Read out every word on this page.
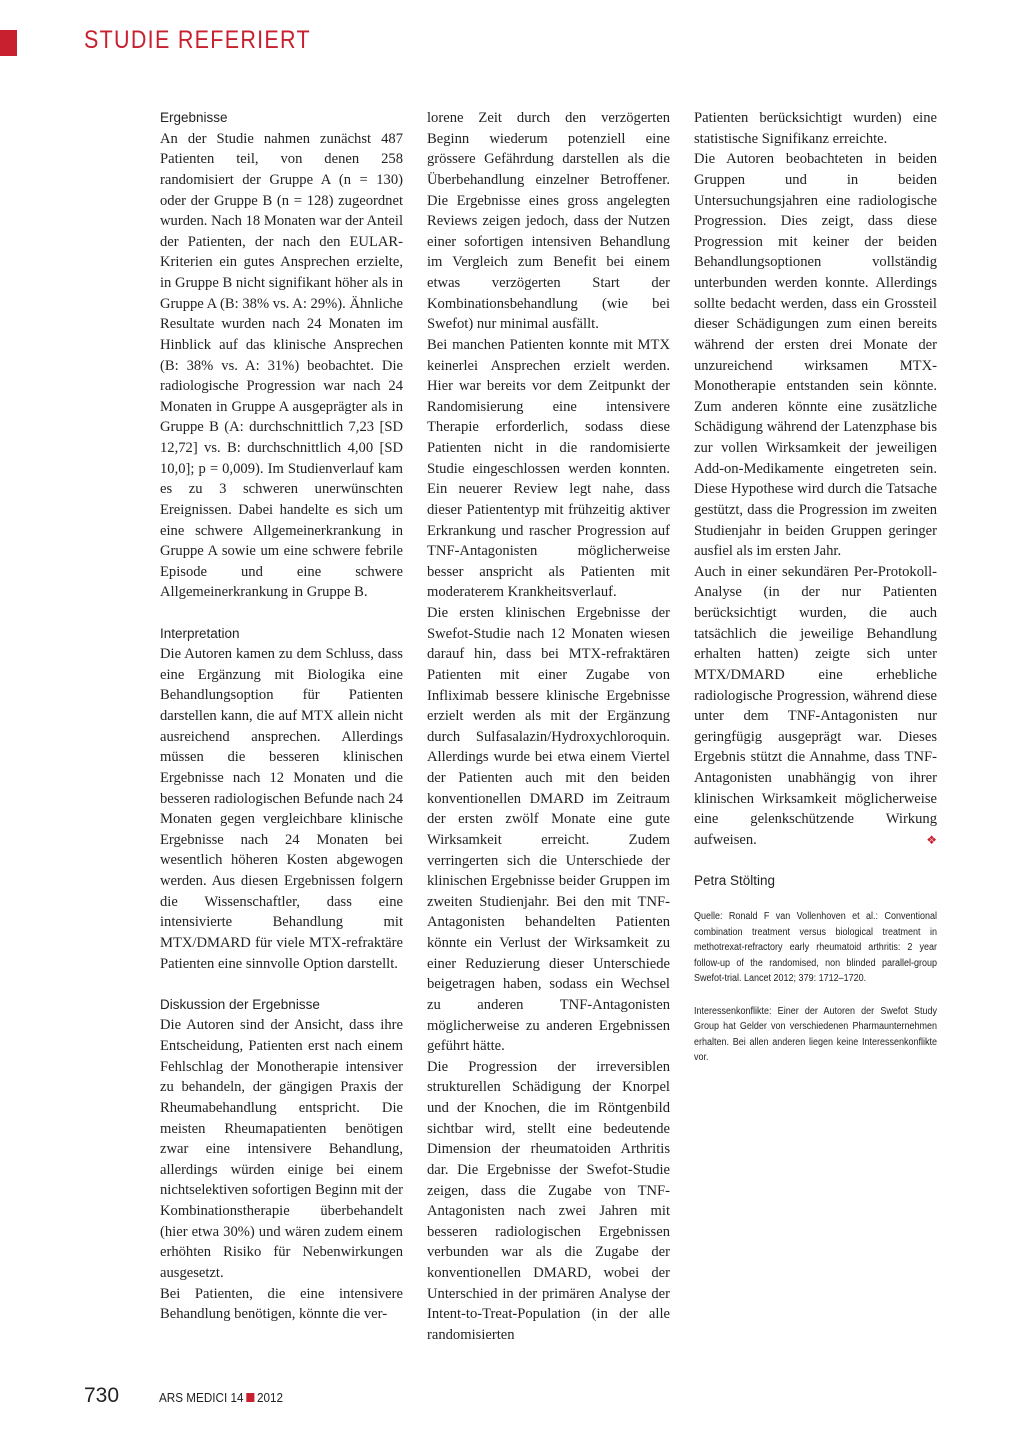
STUDIE REFERIERT
Ergebnisse

An der Studie nahmen zunächst 487 Patienten teil, von denen 258 randomisiert der Gruppe A (n = 130) oder der Gruppe B (n = 128) zugeordnet wurden. Nach 18 Monaten war der Anteil der Patienten, der nach den EULAR-Kriterien ein gutes Ansprechen erzielte, in Gruppe B nicht signifikant höher als in Gruppe A (B: 38% vs. A: 29%). Ähnliche Resultate wurden nach 24 Monaten im Hinblick auf das klinische Ansprechen (B: 38% vs. A: 31%) beobachtet. Die radiologische Progression war nach 24 Monaten in Gruppe A ausgeprägter als in Gruppe B (A: durchschnittlich 7,23 [SD 12,72] vs. B: durchschnittlich 4,00 [SD 10,0]; p = 0,009). Im Studienverlauf kam es zu 3 schweren unerwünschten Ereignissen. Dabei handelte es sich um eine schwere Allgemeinerkrankung in Gruppe A sowie um eine schwere febrile Episode und eine schwere Allgemeinerkrankung in Gruppe B.

Interpretation

Die Autoren kamen zu dem Schluss, dass eine Ergänzung mit Biologika eine Behandlungsoption für Patienten darstellen kann, die auf MTX allein nicht ausreichend ansprechen. Allerdings müssen die besseren klinischen Ergebnisse nach 12 Monaten und die besseren radiologischen Befunde nach 24 Monaten gegen vergleichbare klinische Ergebnisse nach 24 Monaten bei wesentlich höheren Kosten abgewogen werden. Aus diesen Ergebnissen folgern die Wissenschaftler, dass eine intensivierte Behandlung mit MTX/DMARD für viele MTX-refraktäre Patienten eine sinnvolle Option darstellt.

Diskussion der Ergebnisse

Die Autoren sind der Ansicht, dass ihre Entscheidung, Patienten erst nach einem Fehlschlag der Monotherapie intensiver zu behandeln, der gängigen Praxis der Rheumabehandlung entspricht. Die meisten Rheumapatienten benötigen zwar eine intensivere Behandlung, allerdings würden einige bei einem nichtselektiven sofortigen Beginn mit der Kombinationstherapie überbehandelt (hier etwa 30%) und wären zudem einem erhöhten Risiko für Nebenwirkungen ausgesetzt.

Bei Patienten, die eine intensivere Behandlung benötigen, könnte die ver-

lorene Zeit durch den verzögerten Beginn wiederum potenziell eine grössere Gefährdung darstellen als die Überbehandlung einzelner Betroffener. Die Ergebnisse eines gross angelegten Reviews zeigen jedoch, dass der Nutzen einer sofortigen intensiven Behandlung im Vergleich zum Benefit bei einem etwas verzögerten Start der Kombinationsbehandlung (wie bei Swefot) nur minimal ausfällt.

Bei manchen Patienten konnte mit MTX keinerlei Ansprechen erzielt werden. Hier war bereits vor dem Zeitpunkt der Randomisierung eine intensivere Therapie erforderlich, sodass diese Patienten nicht in die randomisierte Studie eingeschlossen werden konnten. Ein neuerer Review legt nahe, dass dieser Patiententyp mit frühzeitig aktiver Erkrankung und rascher Progression auf TNF-Antagonisten möglicherweise besser anspricht als Patienten mit moderaterem Krankheitsverlauf.

Die ersten klinischen Ergebnisse der Swefot-Studie nach 12 Monaten wiesen darauf hin, dass bei MTX-refraktären Patienten mit einer Zugabe von Infliximab bessere klinische Ergebnisse erzielt werden als mit der Ergänzung durch Sulfasalazin/Hydroxychloroquin. Allerdings wurde bei etwa einem Viertel der Patienten auch mit den beiden konventionellen DMARD im Zeitraum der ersten zwölf Monate eine gute Wirksamkeit erreicht. Zudem verringerten sich die Unterschiede der klinischen Ergebnisse beider Gruppen im zweiten Studienjahr. Bei den mit TNF-Antagonisten behandelten Patienten könnte ein Verlust der Wirksamkeit zu einer Reduzierung dieser Unterschiede beigetragen haben, sodass ein Wechsel zu anderen TNF-Antagonisten möglicherweise zu anderen Ergebnissen geführt hätte.

Die Progression der irreversiblen strukturellen Schädigung der Knorpel und der Knochen, die im Röntgenbild sichtbar wird, stellt eine bedeutende Dimension der rheumatoiden Arthritis dar. Die Ergebnisse der Swefot-Studie zeigen, dass die Zugabe von TNF-Antagonisten nach zwei Jahren mit besseren radiologischen Ergebnissen verbunden war als die Zugabe der konventionellen DMARD, wobei der Unterschied in der primären Analyse der Intent-to-Treat-Population (in der alle randomisierten

Patienten berücksichtigt wurden) eine statistische Signifikanz erreichte.

Die Autoren beobachteten in beiden Gruppen und in beiden Untersuchungsjahren eine radiologische Progression. Dies zeigt, dass diese Progression mit keiner der beiden Behandlungsoptionen vollständig unterbunden werden konnte. Allerdings sollte bedacht werden, dass ein Grossteil dieser Schädigungen zum einen bereits während der ersten drei Monate der unzureichend wirksamen MTX-Monotherapie entstanden sein könnte. Zum anderen könnte eine zusätzliche Schädigung während der Latenzphase bis zur vollen Wirksamkeit der jeweiligen Add-on-Medikamente eingetreten sein. Diese Hypothese wird durch die Tatsache gestützt, dass die Progression im zweiten Studienjahr in beiden Gruppen geringer ausfiel als im ersten Jahr.

Auch in einer sekundären Per-Protokoll-Analyse (in der nur Patienten berücksichtigt wurden, die auch tatsächlich die jeweilige Behandlung erhalten hatten) zeigte sich unter MTX/DMARD eine erhebliche radiologische Progression, während diese unter dem TNF-Antagonisten nur geringfügig ausgeprägt war. Dieses Ergebnis stützt die Annahme, dass TNF-Antagonisten unabhängig von ihrer klinischen Wirksamkeit möglicherweise eine gelenkschützende Wirkung aufweisen.	❖

Petra Stölting

Quelle: Ronald F van Vollenhoven et al.: Conventional combination treatment versus biological treatment in methotrexat-refractory early rheumatoid arthritis: 2 year follow-up of the randomised, non blinded parallel-group Swefot-trial. Lancet 2012; 379: 1712–1720.

Interessenkonflikte: Einer der Autoren der Swefot Study Group hat Gelder von verschiedenen Pharmaunternehmen erhalten. Bei allen anderen liegen keine Interessenkonflikte vor.

730	ARS MEDICI 14 2012
